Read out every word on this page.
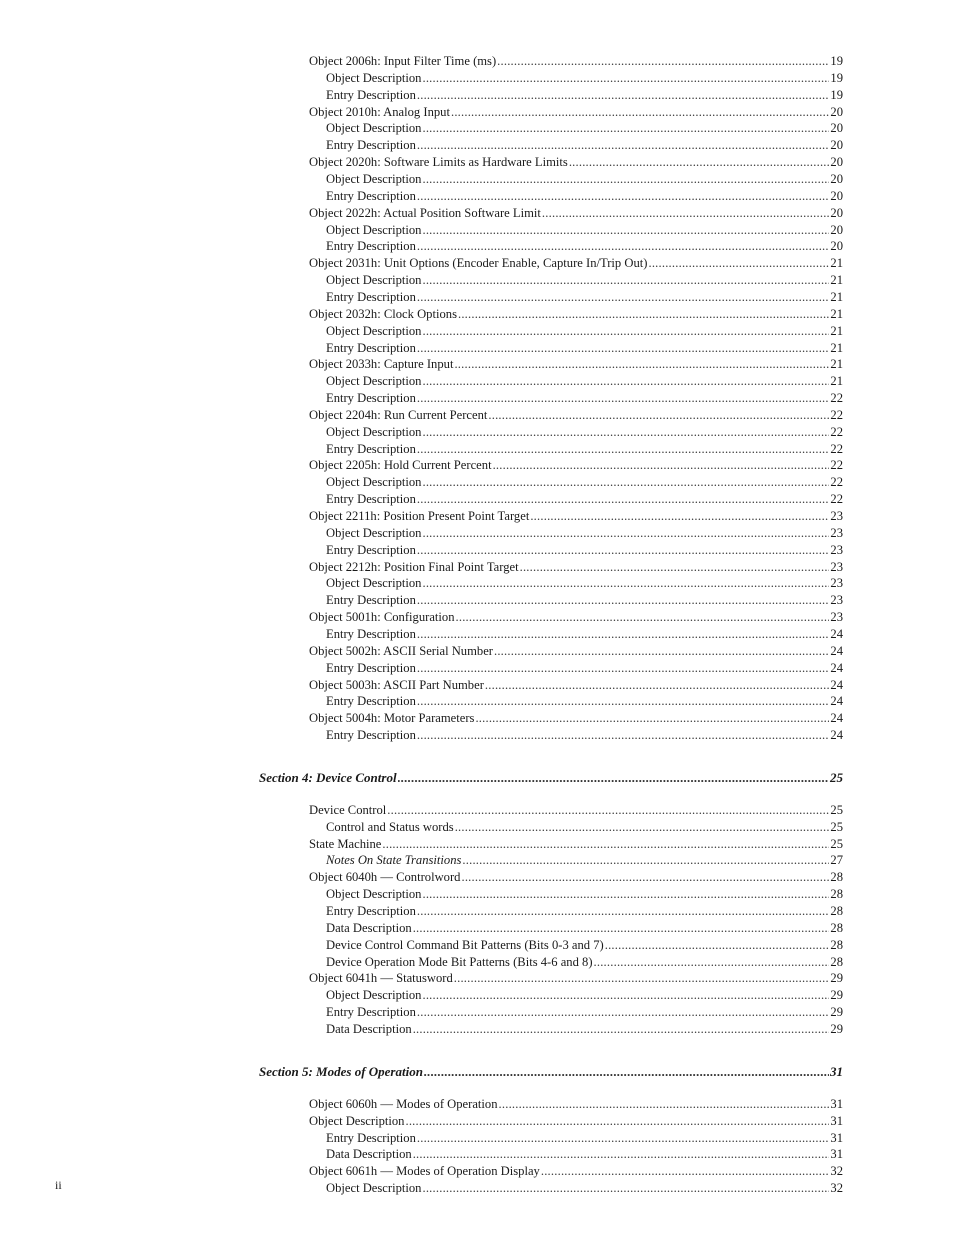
Object 2006h: Input Filter Time (ms) .....	19
Object Description .....	19
Entry Description .....	19
Object 2010h: Analog Input .....	20
Object Description .....	20
Entry Description .....	20
Object 2020h: Software Limits as Hardware Limits .....	20
Object Description .....	20
Entry Description .....	20
Object 2022h: Actual Position Software Limit .....	20
Object Description .....	20
Entry Description .....	20
Object 2031h: Unit Options (Encoder Enable, Capture In/Trip Out) .....	21
Object Description .....	21
Entry Description .....	21
Object 2032h: Clock Options .....	21
Object Description .....	21
Entry Description .....	21
Object 2033h: Capture Input .....	21
Object Description .....	21
Entry Description .....	22
Object 2204h: Run Current Percent .....	22
Object Description .....	22
Entry Description .....	22
Object 2205h: Hold Current Percent .....	22
Object Description .....	22
Entry Description .....	22
Object 2211h: Position Present Point Target .....	23
Object Description .....	23
Entry Description .....	23
Object 2212h: Position Final Point Target .....	23
Object Description .....	23
Entry Description .....	23
Object 5001h: Configuration .....	23
Entry Description .....	24
Object 5002h: ASCII Serial Number .....	24
Entry Description .....	24
Object 5003h: ASCII Part Number .....	24
Entry Description .....	24
Object 5004h: Motor Parameters .....	24
Entry Description .....	24
Section 4: Device Control .....	25
Device Control .....	25
Control and Status words .....	25
State Machine .....	25
Notes On State Transitions .....	27
Object 6040h — Controlword .....	28
Object Description .....	28
Entry Description .....	28
Data Description .....	28
Device Control Command Bit Patterns (Bits 0-3 and 7) .....	28
Device Operation Mode Bit Patterns (Bits 4-6 and 8) .....	28
Object 6041h — Statusword .....	29
Object Description .....	29
Entry Description .....	29
Data Description .....	29
Section 5: Modes of Operation .....	31
Object 6060h — Modes of Operation .....	31
Object Description .....	31
Entry Description .....	31
Data Description .....	31
Object 6061h — Modes of Operation Display .....	32
Object Description .....	32
ii
